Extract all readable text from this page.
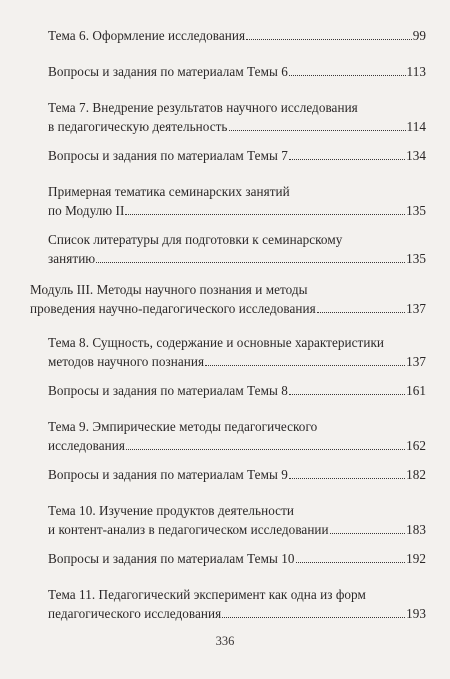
Тема 6. Оформление исследования	99
Вопросы и задания по материалам Темы 6	113
Тема 7. Внедрение результатов научного исследования
в педагогическую деятельность	114
Вопросы и задания по материалам Темы 7	134
Примерная тематика семинарских занятий
по Модулю II	135
Список литературы для подготовки к семинарскому
занятию	135
Модуль III. Методы научного познания и методы
проведения научно-педагогического исследования	137
Тема 8. Сущность, содержание и основные характеристики
методов научного познания	137
Вопросы и задания по материалам Темы 8	161
Тема 9. Эмпирические методы педагогического
исследования	162
Вопросы и задания по материалам Темы 9	182
Тема 10. Изучение продуктов деятельности
и контент-анализ в педагогическом исследовании	183
Вопросы и задания по материалам Темы 10	192
Тема 11. Педагогический эксперимент как одна из форм
педагогического исследования	193
336
